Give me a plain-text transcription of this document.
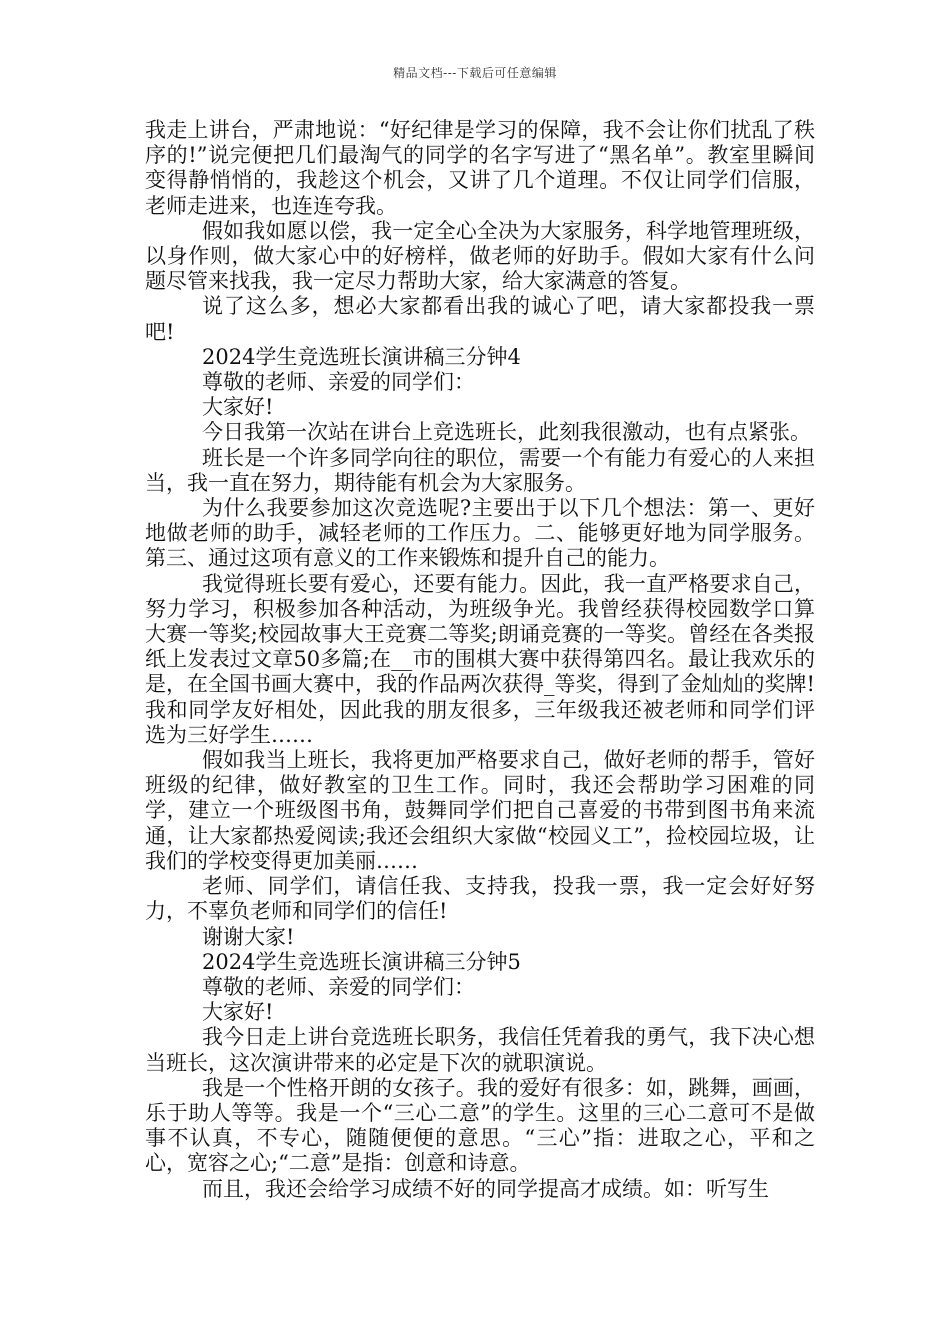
精品文档---下载后可任意编辑

我走上讲台，严肃地说：“好纪律是学习的保障，我不会让你们扰乱了秩序的!”说完便把几们最淘气的同学的名字写进了“黑名单”。教室里瞬间变得静悄悄的，我趁这个机会，又讲了几个道理。不仅让同学们信服，老师走进来，也连连夸我。

假如我如愿以偿，我一定全心全决为大家服务，科学地管理班级，以身作则，做大家心中的好榜样，做老师的好助手。假如大家有什么问题尽管来找我，我一定尽力帮助大家，给大家满意的答复。

说了这么多，想必大家都看出我的诚心了吧，请大家都投我一票吧!

2024学生竞选班长演讲稿三分钟4

尊敬的老师、亲爱的同学们：

大家好!

今日我第一次站在讲台上竞选班长，此刻我很激动，也有点紧张。

班长是一个许多同学向往的职位，需要一个有能力有爱心的人来担当，我一直在努力，期待能有机会为大家服务。

为什么我要参加这次竞选呢?主要出于以下几个想法：第一、更好地做老师的助手，减轻老师的工作压力。二、能够更好地为同学服务。第三、通过这项有意义的工作来锻炼和提升自己的能力。

我觉得班长要有爱心，还要有能力。因此，我一直严格要求自己，努力学习，积极参加各种活动，为班级争光。我曾经获得校园数学口算大赛一等奖;校园故事大王竞赛二等奖;朗诵竞赛的一等奖。曾经在各类报纸上发表过文章50多篇;在__市的围棋大赛中获得第四名。最让我欢乐的是，在全国书画大赛中，我的作品两次获得_等奖，得到了金灿灿的奖牌!我和同学友好相处，因此我的朋友很多，三年级我还被老师和同学们评选为三好学生……

假如我当上班长，我将更加严格要求自己，做好老师的帮手，管好班级的纪律，做好教室的卫生工作。同时，我还会帮助学习困难的同学，建立一个班级图书角，鼓舞同学们把自己喜爱的书带到图书角来流通，让大家都热爱阅读;我还会组织大家做“校园义工”，捡校园垃圾，让我们的学校变得更加美丽……

老师、同学们，请信任我、支持我，投我一票，我一定会好好努力，不辜负老师和同学们的信任!

谢谢大家!

2024学生竞选班长演讲稿三分钟5

尊敬的老师、亲爱的同学们：

大家好!

我今日走上讲台竞选班长职务，我信任凭着我的勇气，我下决心想当班长，这次演讲带来的必定是下次的就职演说。

我是一个性格开朗的女孩子。我的爱好有很多：如，跳舞，画画，乐于助人等等。我是一个“三心二意”的学生。这里的三心二意可不是做事不认真，不专心，随随便便的意思。“三心”指：进取之心，平和之心，宽容之心;“二意”是指：创意和诗意。

而且，我还会给学习成绩不好的同学提高才成绩。如：听写生
